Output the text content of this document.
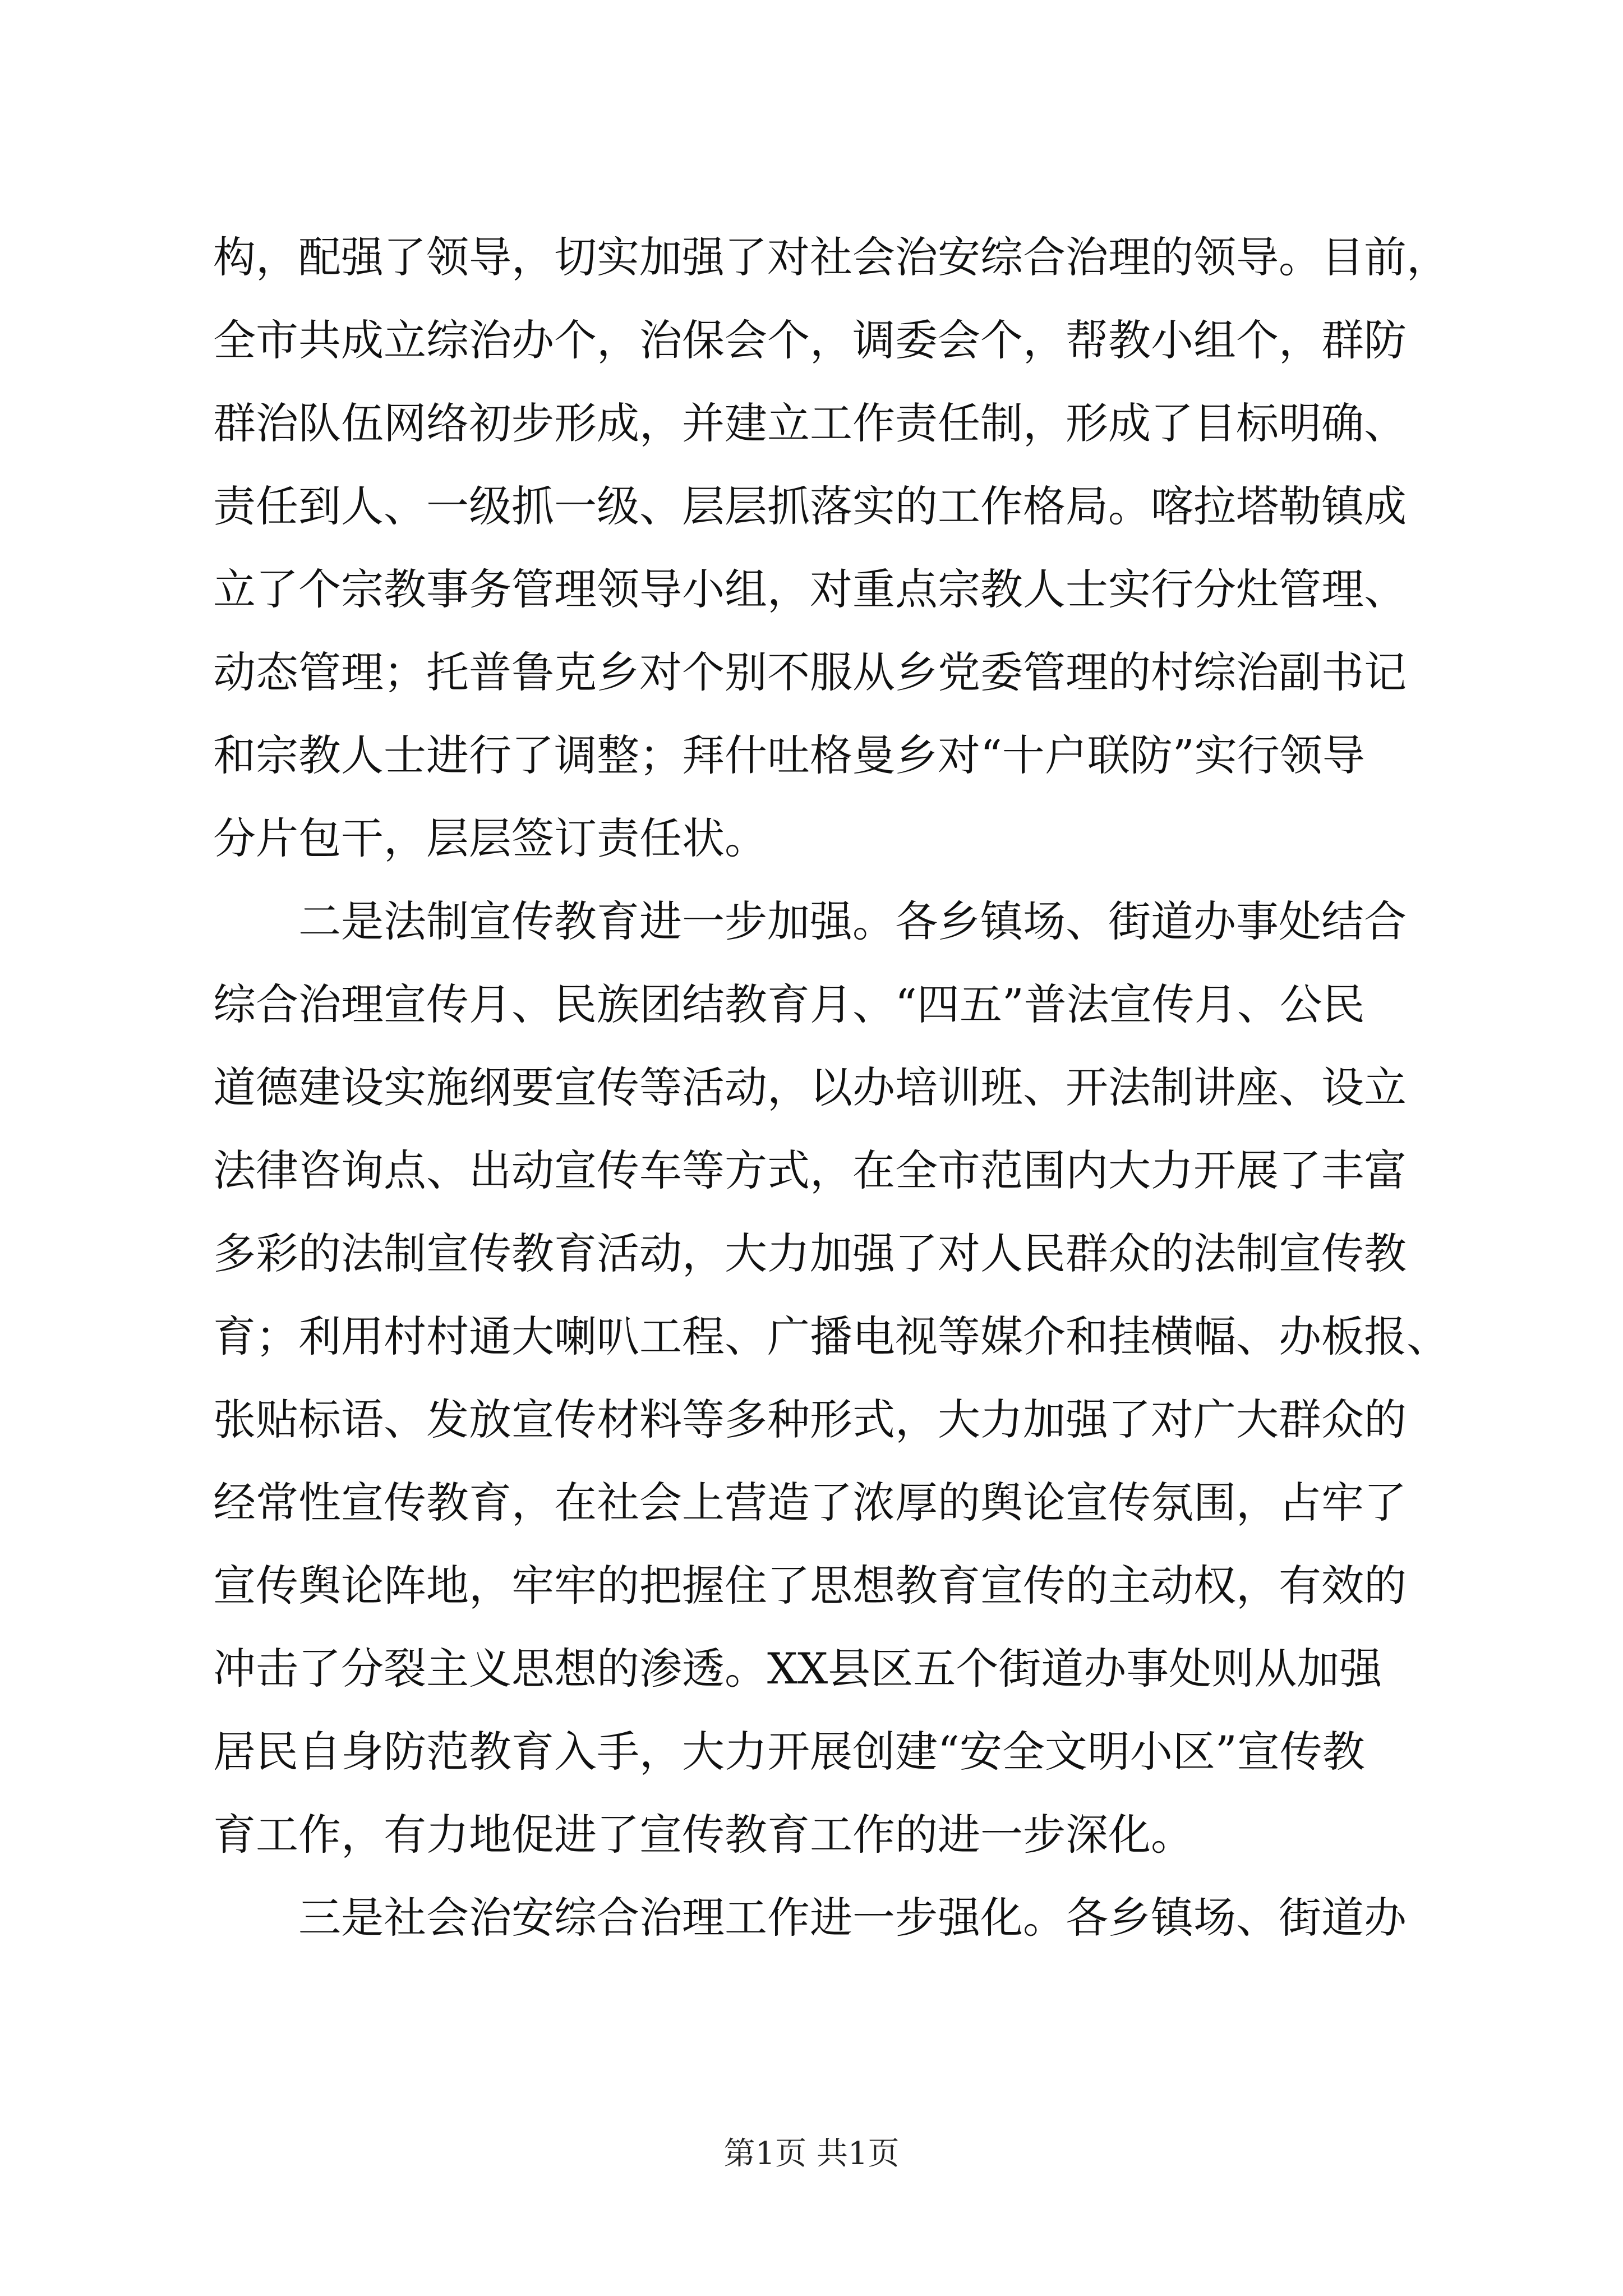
构，配强了领导，切实加强了对社会治安综合治理的领导。目前，
全市共成立综治办个，治保会个，调委会个，帮教小组个，群防
群治队伍网络初步形成，并建立工作责任制，形成了目标明确、
责任到人、一级抓一级、层层抓落实的工作格局。喀拉塔勒镇成
立了个宗教事务管理领导小组，对重点宗教人士实行分灶管理、
动态管理；托普鲁克乡对个别不服从乡党委管理的村综治副书记
和宗教人士进行了调整；拜什吐格曼乡对“十户联防”实行领导
分片包干，层层签订责任状。
　　二是法制宣传教育进一步加强。各乡镇场、街道办事处结合
综合治理宣传月、民族团结教育月、“四五”普法宣传月、公民
道德建设实施纲要宣传等活动，以办培训班、开法制讲座、设立
法律咨询点、出动宣传车等方式，在全市范围内大力开展了丰富
多彩的法制宣传教育活动，大力加强了对人民群众的法制宣传教
育；利用村村通大喇叭工程、广播电视等媒介和挂横幅、办板报、
张贴标语、发放宣传材料等多种形式，大力加强了对广大群众的
经常性宣传教育，在社会上营造了浓厚的舆论宣传氛围，占牢了
宣传舆论阵地，牢牢的把握住了思想教育宣传的主动权，有效的
冲击了分裂主义思想的渗透。XX县区五个街道办事处则从加强
居民自身防范教育入手，大力开展创建“安全文明小区”宣传教
育工作，有力地促进了宣传教育工作的进一步深化。
　　三是社会治安综合治理工作进一步强化。各乡镇场、街道办
第1页 共1页
